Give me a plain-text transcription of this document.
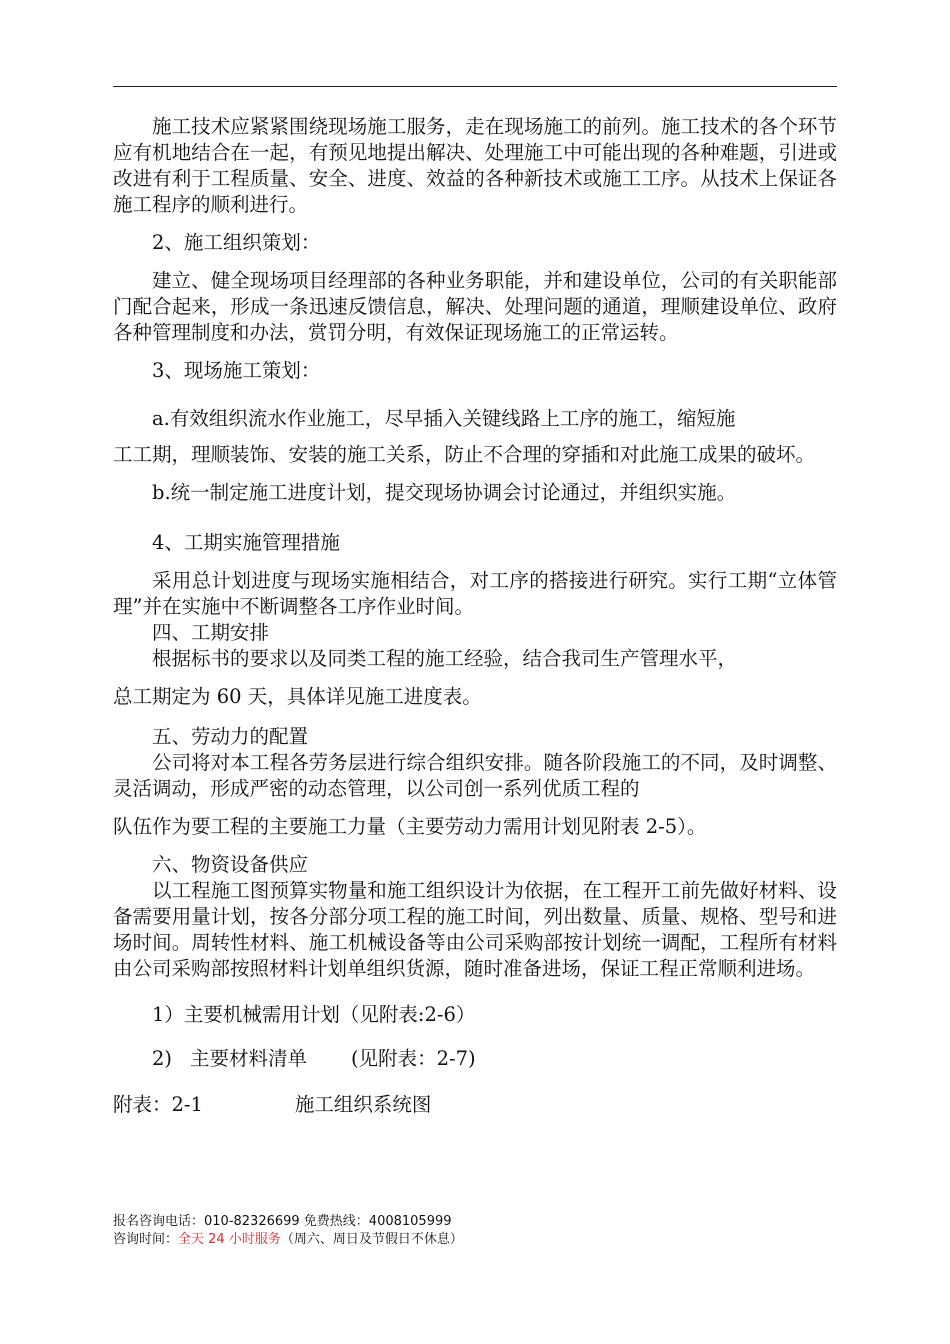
施工技术应紧紧围绕现场施工服务，走在现场施工的前列。施工技术的各个环节应有机地结合在一起，有预见地提出解决、处理施工中可能出现的各种难题，引进或改进有利于工程质量、安全、进度、效益的各种新技术或施工工序。从技术上保证各施工程序的顺利进行。

2、施工组织策划：

建立、健全现场项目经理部的各种业务职能，并和建设单位，公司的有关职能部门配合起来，形成一条迅速反馈信息，解决、处理问题的通道，理顺建设单位、政府各种管理制度和办法，赏罚分明，有效保证现场施工的正常运转。

3、现场施工策划：

a.有效组织流水作业施工，尽早插入关键线路上工序的施工，缩短施

工工期，理顺装饰、安装的施工关系，防止不合理的穿插和对此施工成果的破坏。

b.统一制定施工进度计划，提交现场协调会讨论通过，并组织实施。

4、工期实施管理措施

采用总计划进度与现场实施相结合，对工序的搭接进行研究。实行工期“立体管理”并在实施中不断调整各工序作业时间。

四、工期安排

根据标书的要求以及同类工程的施工经验，结合我司生产管理水平，

总工期定为 60 天，具体详见施工进度表。

五、劳动力的配置

公司将对本工程各劳务层进行综合组织安排。随各阶段施工的不同，及时调整、灵活调动，形成严密的动态管理，以公司创一系列优质工程的

队伍作为要工程的主要施工力量（主要劳动力需用计划见附表 2-5）。

六、物资设备供应

以工程施工图预算实物量和施工组织设计为依据，在工程开工前先做好材料、设备需要用量计划，按各分部分项工程的施工时间，列出数量、质量、规格、型号和进场时间。周转性材料、施工机械设备等由公司采购部按计划统一调配，工程所有材料由公司采购部按照材料计划单组织货源，随时准备进场，保证工程正常顺利进场。

1）主要机械需用计划（见附表:2-6）

2) 主要材料清单 (见附表：2-7)

附表：2-1	施工组织系统图

报名咨询电话：010-82326699 免费热线：4008105999
咨询时间：全天 24 小时服务（周六、周日及节假日不休息）
